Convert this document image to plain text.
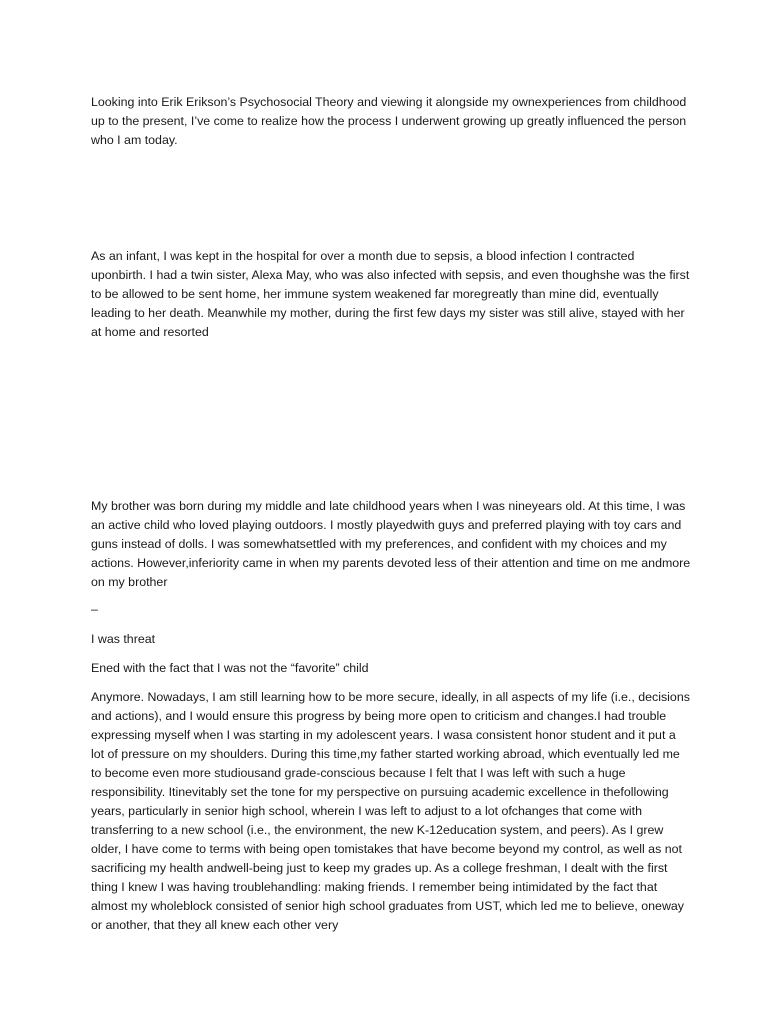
Looking into Erik Erikson’s Psychosocial Theory and viewing it alongside my ownexperiences from childhood up to the present, I’ve come to realize how the process I underwent growing up greatly influenced the person who I am today.

As an infant, I was kept in the hospital for over a month due to sepsis, a blood infection I contracted uponbirth. I had a twin sister, Alexa May, who was also infected with sepsis, and even thoughshe was the first to be allowed to be sent home, her immune system weakened far moregreatly than mine did, eventually leading to her death. Meanwhile my mother, during the first few days my sister was still alive, stayed with her at home and resorted

My brother was born during my middle and late childhood years when I was nineyears old. At this time, I was an active child who loved playing outdoors. I mostly playedwith guys and preferred playing with toy cars and guns instead of dolls. I was somewhatsettled with my preferences, and confident with my choices and my actions. However,inferiority came in when my parents devoted less of their attention and time on me andmore on my brother

–

I was threat

Ened with the fact that I was not the “favorite” child

Anymore. Nowadays, I am still learning how to be more secure, ideally, in all aspects of my life (i.e., decisions and actions), and I would ensure this progress by being more open to criticism and changes.I had trouble expressing myself when I was starting in my adolescent years. I wasa consistent honor student and it put a lot of pressure on my shoulders. During this time,my father started working abroad, which eventually led me to become even more studiousand grade-conscious because I felt that I was left with such a huge responsibility. Itinevitably set the tone for my perspective on pursuing academic excellence in thefollowing years, particularly in senior high school, wherein I was left to adjust to a lot ofchanges that come with transferring to a new school (i.e., the environment, the new K-12education system, and peers). As I grew older, I have come to terms with being open tomistakes that have become beyond my control, as well as not sacrificing my health andwell-being just to keep my grades up. As a college freshman, I dealt with the first thing I knew I was having troublehandling: making friends. I remember being intimidated by the fact that almost my wholeblock consisted of senior high school graduates from UST, which led me to believe, oneway or another, that they all knew each other very
